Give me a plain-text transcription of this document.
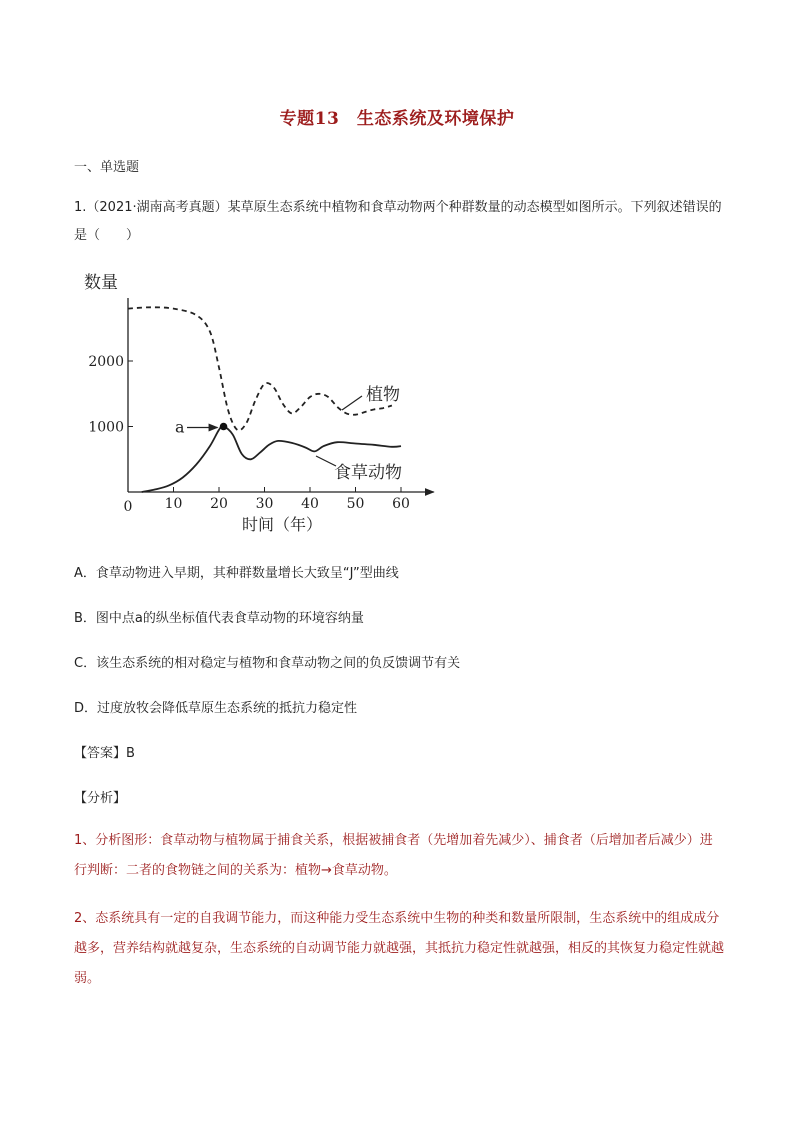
专题13　生态系统及环境保护
一、单选题
1.（2021·湖南高考真题）某草原生态系统中植物和食草动物两个种群数量的动态模型如图所示。下列叙述错误的是（　　）
数量
时间（年）
0 10 20 30 40 50 60
1000
2000
植物
食草动物
a
A．食草动物进入早期，其种群数量增长大致呈“J”型曲线
B．图中点a的纵坐标值代表食草动物的环境容纳量
C．该生态系统的相对稳定与植物和食草动物之间的负反馈调节有关
D．过度放牧会降低草原生态系统的抵抗力稳定性
【答案】B
【分析】
1、分析图形：食草动物与植物属于捕食关系，根据被捕食者（先增加着先减少）、捕食者（后增加者后减少）进行判断：二者的食物链之间的关系为：植物→食草动物。
2、态系统具有一定的自我调节能力，而这种能力受生态系统中生物的种类和数量所限制，生态系统中的组成成分越多，营养结构就越复杂，生态系统的自动调节能力就越强，其抵抗力稳定性就越强，相反的其恢复力稳定性就越弱。
